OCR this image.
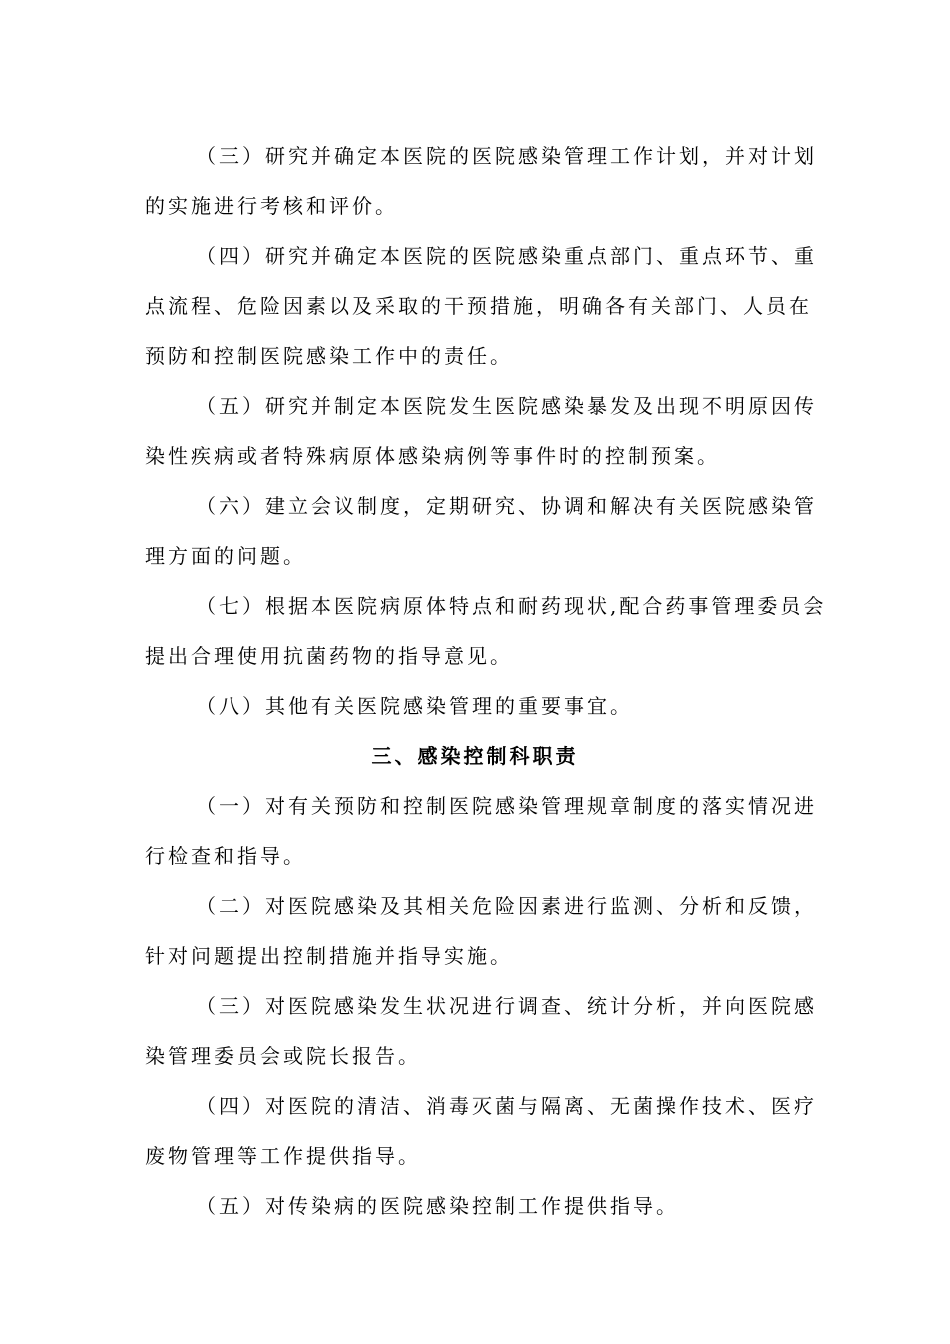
（三）研究并确定本医院的医院感染管理工作计划，并对计划
的实施进行考核和评价。

（四）研究并确定本医院的医院感染重点部门、重点环节、重
点流程、危险因素以及采取的干预措施，明确各有关部门、人员在
预防和控制医院感染工作中的责任。

（五）研究并制定本医院发生医院感染暴发及出现不明原因传
染性疾病或者特殊病原体感染病例等事件时的控制预案。

（六）建立会议制度，定期研究、协调和解决有关医院感染管
理方面的问题。

（七）根据本医院病原体特点和耐药现状,配合药事管理委员会
提出合理使用抗菌药物的指导意见。

（八）其他有关医院感染管理的重要事宜。

三、感染控制科职责

（一）对有关预防和控制医院感染管理规章制度的落实情况进
行检查和指导。

（二）对医院感染及其相关危险因素进行监测、分析和反馈，
针对问题提出控制措施并指导实施。

（三）对医院感染发生状况进行调查、统计分析，并向医院感
染管理委员会或院长报告。

（四）对医院的清洁、消毒灭菌与隔离、无菌操作技术、医疗
废物管理等工作提供指导。

（五）对传染病的医院感染控制工作提供指导。
